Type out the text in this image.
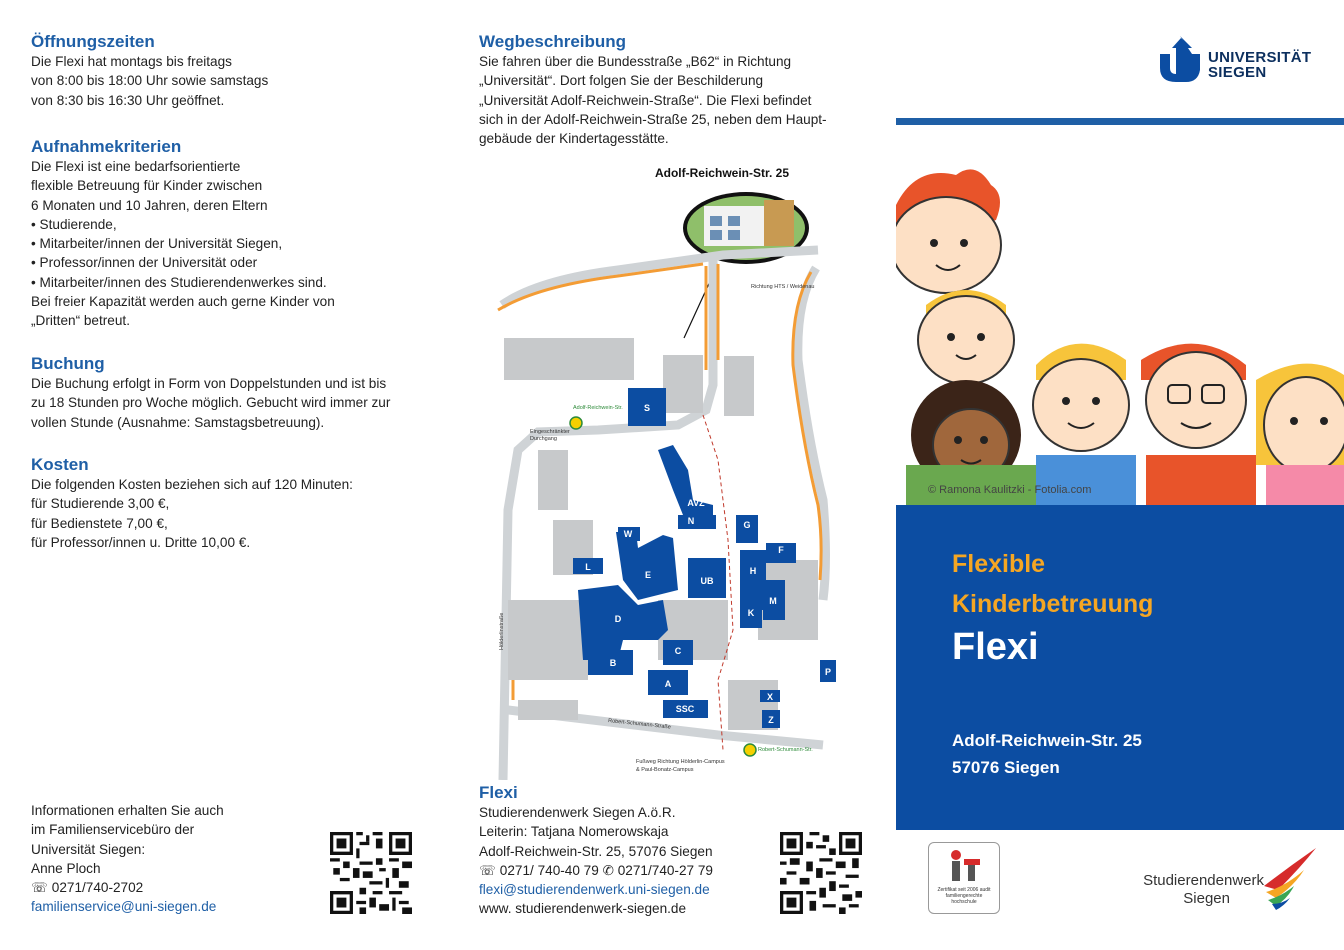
Öffnungszeiten

Die Flexi hat montags bis freitags

von 8:00 bis 18:00 Uhr sowie samstags

von 8:30 bis 16:30 Uhr geöffnet.

Aufnahmekriterien

Die Flexi ist eine bedarfsorientierte

flexible Betreuung für Kinder zwischen

6 Monaten und 10 Jahren, deren Eltern

• Studierende,
• Mitarbeiter/innen der Universität Siegen,
• Professor/innen der Universität oder
• Mitarbeiter/innen des Studierendenwerkes sind.

Bei freier Kapazität werden auch gerne Kinder von

„Dritten“ betreut.

Buchung

Die Buchung erfolgt in Form von Doppelstunden und ist bis

zu 18 Stunden pro Woche möglich. Gebucht wird immer zur

vollen Stunde (Ausnahme: Samstagsbetreuung).

Kosten

Die folgenden Kosten beziehen sich auf 120 Minuten:

für Studierende 3,00 €,

für Bedienstete 7,00 €,

für Professor/innen u. Dritte 10,00 €.

Informationen erhalten Sie auch

im Familienservicebüro der

Universität Siegen:

Anne Ploch

☏ 0271/740-2702

familienservice@uni-siegen.de

Wegbeschreibung

Sie fahren über die Bundesstraße „B62“ in Richtung

„Universität“. Dort folgen Sie der Beschilderung

„Universität Adolf-Reichwein-Straße“. Die Flexi befindet

sich in der Adolf-Reichwein-Straße 25, neben dem Haupt-

gebäude der Kindertagesstätte.

Adolf-Reichwein-Str. 25
S
AVZ
N	G
F
H
M
K
UB
E
W
L
D
B
C
A
SSC
X
Z
P
Richtung HTS / Weidenau
Adolf-Reichwein-Str.
Robert-Schumann-Str.
Eingeschränkter
Durchgang
Robert-Schumann-Straße
Hölderlinstraße
Fußweg Richtung Hölderlin-Campus
& Paul-Bonatz-Campus
Flexi

Studierendenwerk Siegen A.ö.R.

Leiterin: Tatjana Nomerowskaja

Adolf-Reichwein-Str. 25, 57076 Siegen

☏ 0271/ 740-40 79 ✆ 0271/740-27 79

flexi@studierendenwerk.uni-siegen.de

www. studierendenwerk-siegen.de

UNIVERSITÄT
SIEGEN
© Ramona Kaulitzki - Fotolia.com
Flexible
Kinderbetreuung
Flexi
Adolf-Reichwein-Str. 25
57076 Siegen
Zertifikat seit 2006 audit familiengerechte hochschule
Studierendenwerk
Siegen
